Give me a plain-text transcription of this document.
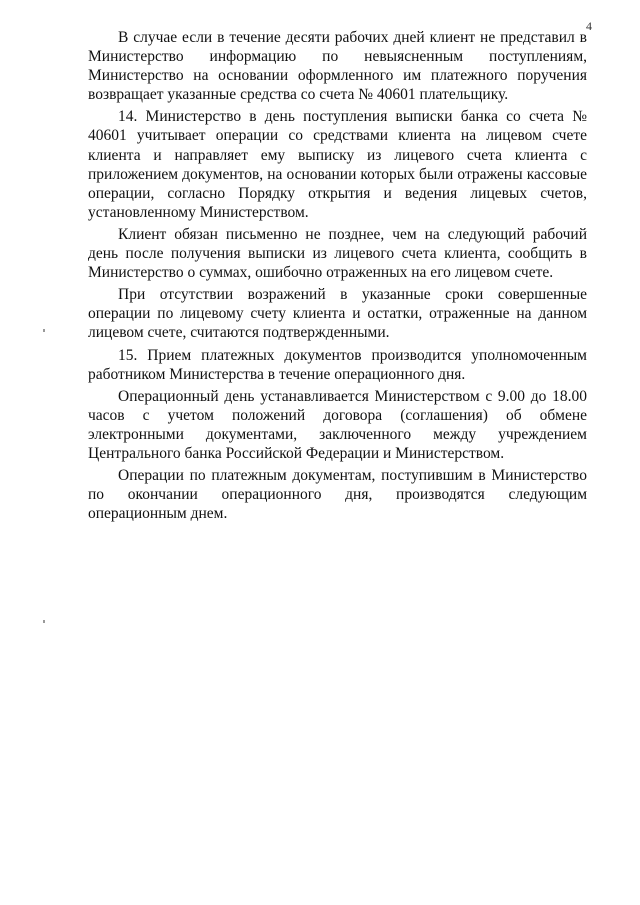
4

В случае если в течение десяти рабочих дней клиент не представил в Министерство информацию по невыясненным поступлениям, Министерство на основании оформленного им платежного поручения возвращает указанные средства со счета № 40601 плательщику.

14. Министерство в день поступления выписки банка со счета № 40601 учитывает операции со средствами клиента на лицевом счете клиента и направляет ему выписку из лицевого счета клиента с приложением документов, на основании которых были отражены кассовые операции, согласно Порядку открытия и ведения лицевых счетов, установленному Министерством.

Клиент обязан письменно не позднее, чем на следующий рабочий день после получения выписки из лицевого счета клиента, сообщить в Министерство о суммах, ошибочно отраженных на его лицевом счете.

При отсутствии возражений в указанные сроки совершенные операции по лицевому счету клиента и остатки, отраженные на данном лицевом счете, считаются подтвержденными.

15. Прием платежных документов производится уполномоченным работником Министерства в течение операционного дня.

Операционный день устанавливается Министерством с 9.00 до 18.00 часов с учетом положений договора (соглашения) об обмене электронными документами, заключенного между учреждением Центрального банка Российской Федерации и Министерством.

Операции по платежным документам, поступившим в Министерство по окончании операционного дня, производятся следующим операционным днем.
